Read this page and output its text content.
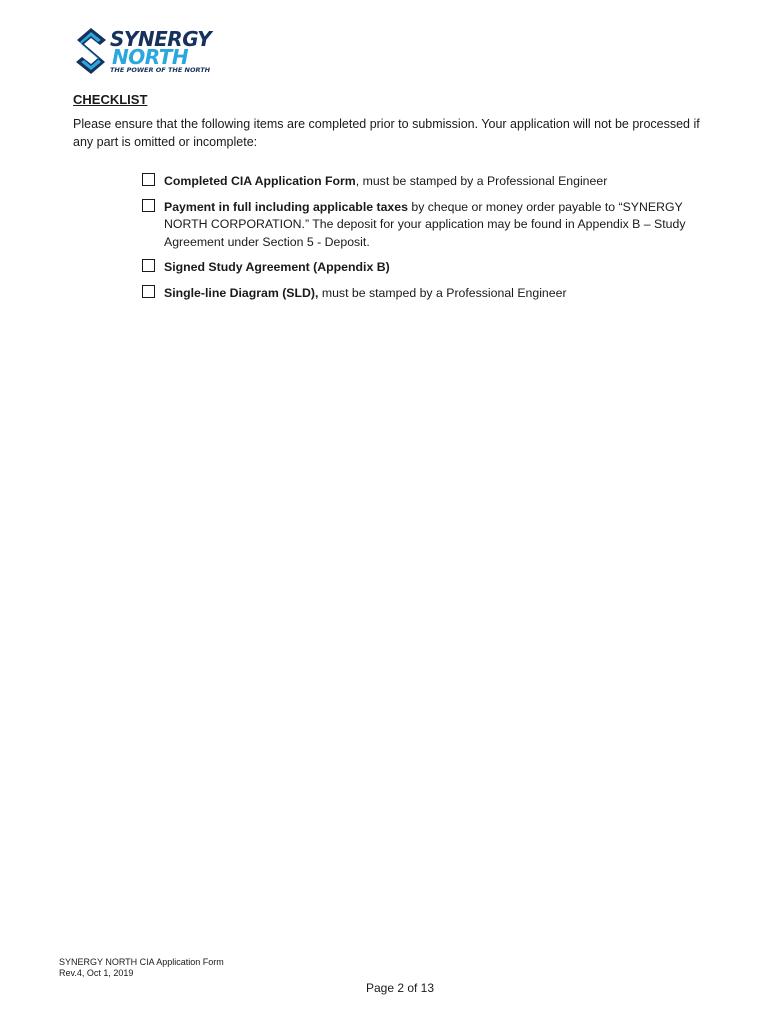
SYNERGY
NORTH
THE POWER OF THE NORTH
CHECKLIST
Please ensure that the following items are completed prior to submission. Your application will not be processed if any part is omitted or incomplete:
Completed CIA Application Form, must be stamped by a Professional Engineer
Payment in full including applicable taxes by cheque or money order payable to “SYNERGY NORTH CORPORATION.” The deposit for your application may be found in Appendix B – Study Agreement under Section 5 - Deposit.
Signed Study Agreement (Appendix B)
Single-line Diagram (SLD), must be stamped by a Professional Engineer
SYNERGY NORTH CIA Application Form
Rev.4, Oct 1, 2019
Page 2 of 13
